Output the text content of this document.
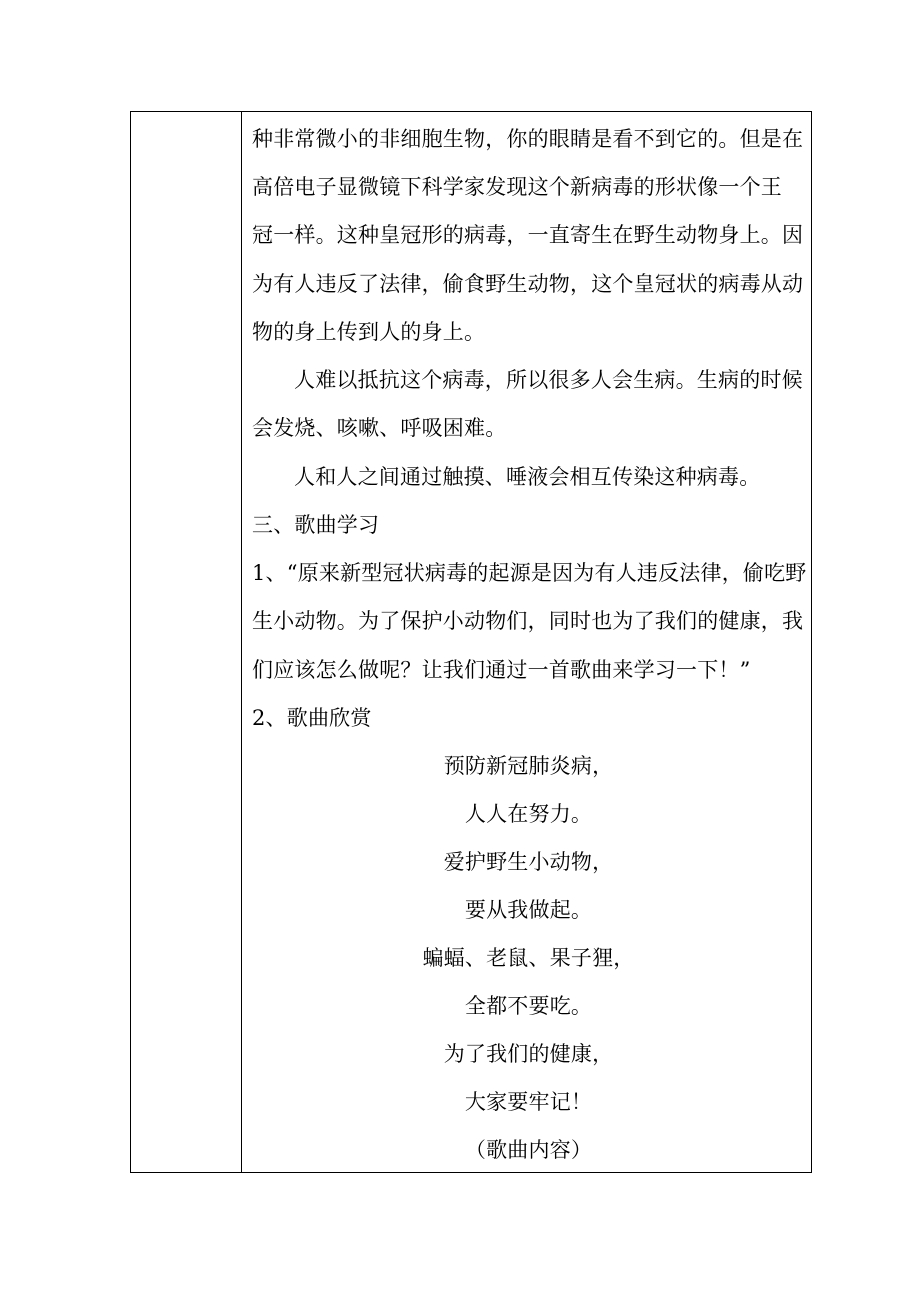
种非常微小的非细胞生物，你的眼睛是看不到它的。但是在
高倍电子显微镜下科学家发现这个新病毒的形状像一个王
冠一样。这种皇冠形的病毒，一直寄生在野生动物身上。因
为有人违反了法律，偷食野生动物，这个皇冠状的病毒从动
物的身上传到人的身上。
人难以抵抗这个病毒，所以很多人会生病。生病的时候
会发烧、咳嗽、呼吸困难。
人和人之间通过触摸、唾液会相互传染这种病毒。
三、歌曲学习
1、“原来新型冠状病毒的起源是因为有人违反法律，偷吃野
生小动物。为了保护小动物们，同时也为了我们的健康，我
们应该怎么做呢？让我们通过一首歌曲来学习一下！”
2、歌曲欣赏
预防新冠肺炎病，
人人在努力。
爱护野生小动物，
要从我做起。
蝙蝠、老鼠、果子狸，
全都不要吃。
为了我们的健康，
大家要牢记！
（歌曲内容）
